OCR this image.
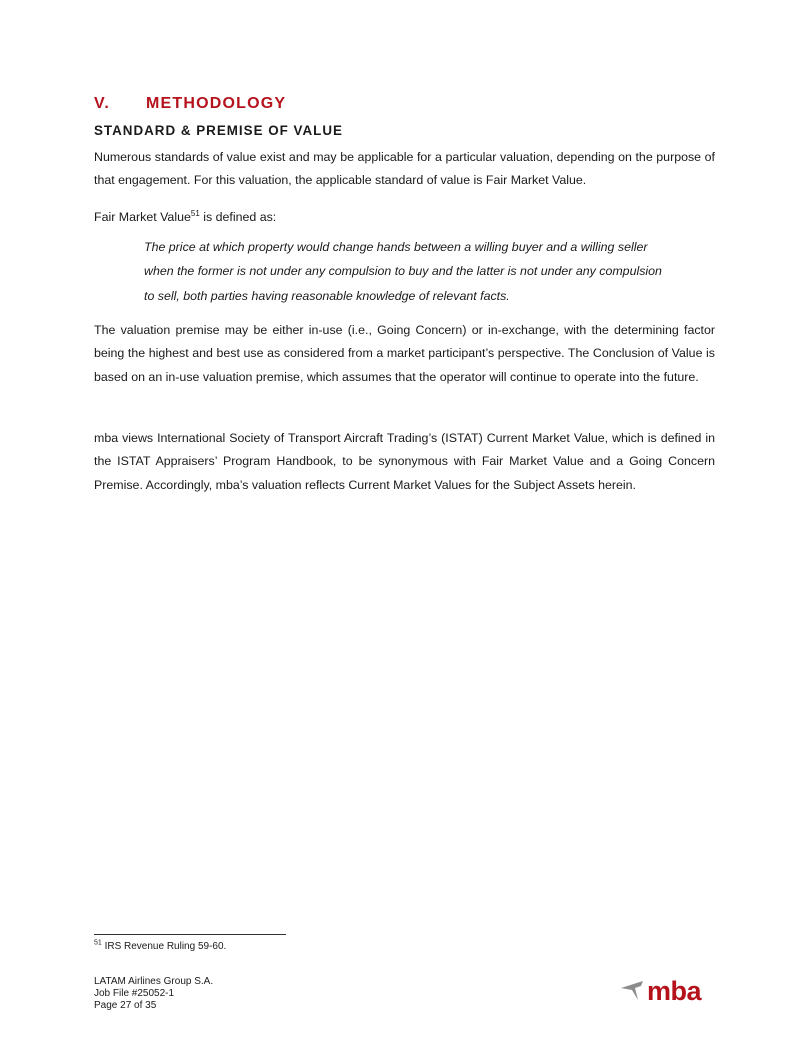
V. METHODOLOGY
STANDARD & PREMISE OF VALUE

Numerous standards of value exist and may be applicable for a particular valuation, depending on the purpose of that engagement. For this valuation, the applicable standard of value is Fair Market Value.

Fair Market Value$^{51}$ is defined as:

The price at which property would change hands between a willing buyer and a willing seller when the former is not under any compulsion to buy and the latter is not under any compulsion to sell, both parties having reasonable knowledge of relevant facts.

The valuation premise may be either in-use (i.e., Going Concern) or in-exchange, with the determining factor being the highest and best use as considered from a market participant’s perspective. The Conclusion of Value is based on an in-use valuation premise, which assumes that the operator will continue to operate into the future.

mba views International Society of Transport Aircraft Trading’s (ISTAT) Current Market Value, which is defined in the ISTAT Appraisers’ Program Handbook, to be synonymous with Fair Market Value and a Going Concern Premise. Accordingly, mba’s valuation reflects Current Market Values for the Subject Assets herein.

$^{51}$ IRS Revenue Ruling 59-60.
LATAM Airlines Group S.A.
Job File #25052-1
Page 27 of 35	mba
